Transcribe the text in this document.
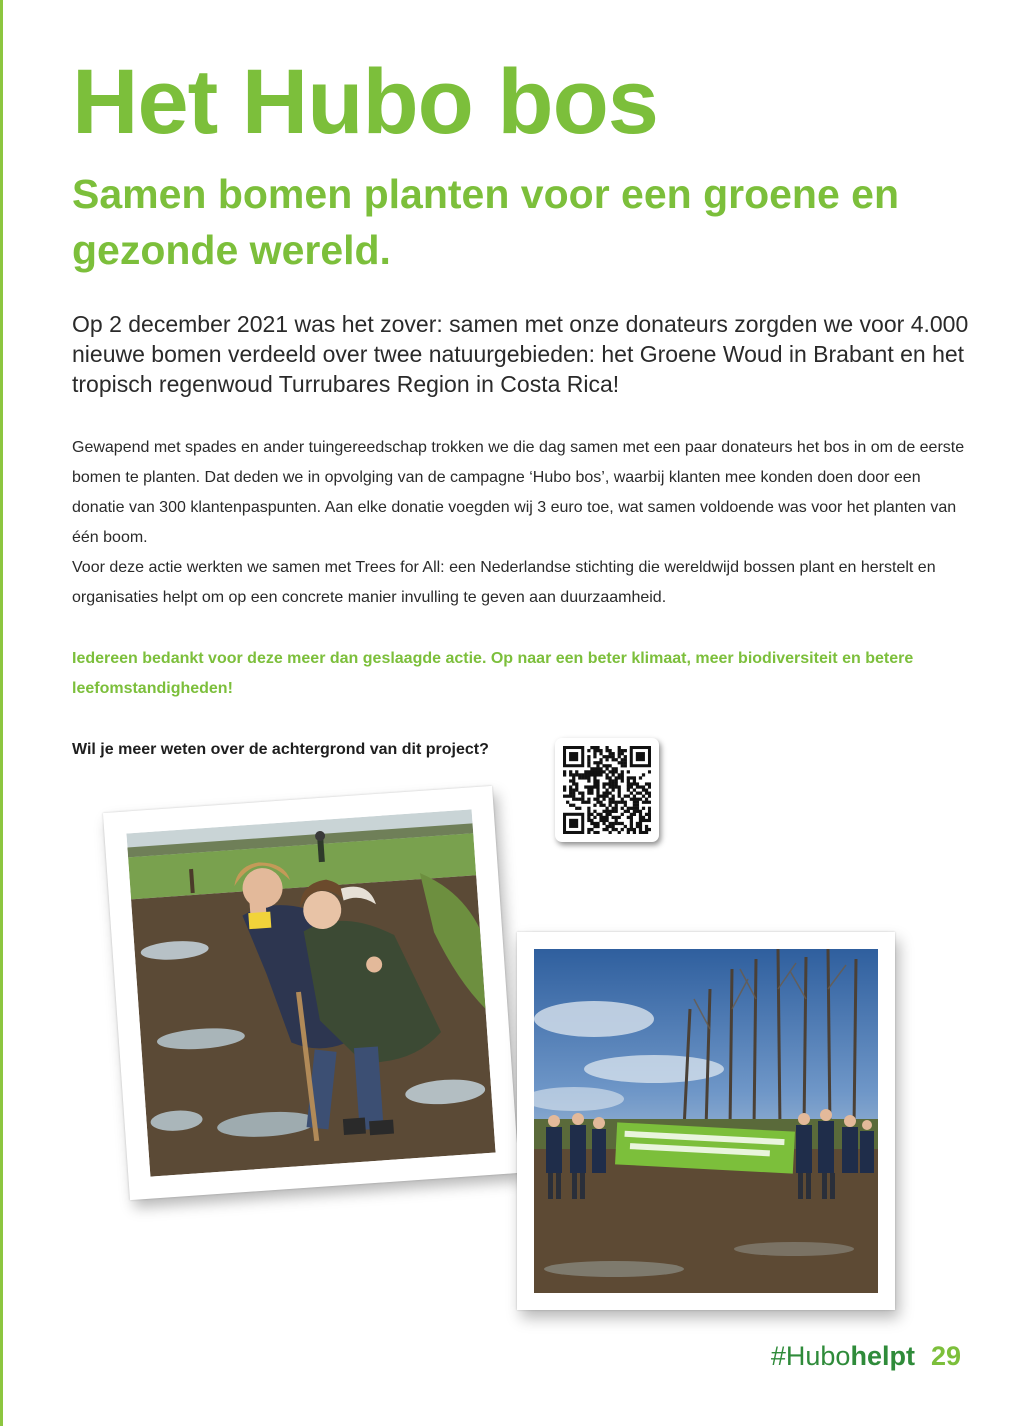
Het Hubo bos
Samen bomen planten voor een groene en gezonde wereld.

Op 2 december 2021 was het zover: samen met onze donateurs zorgden we voor 4.000 nieuwe bomen verdeeld over twee natuurgebieden: het Groene Woud in Brabant en het tropisch regenwoud Turrubares Region in Costa Rica!

Gewapend met spades en ander tuingereedschap trokken we die dag samen met een paar donateurs het bos in om de eerste bomen te planten. Dat deden we in opvolging van de campagne ‘Hubo bos’, waarbij klanten mee konden doen door een donatie van 300 klantenpaspunten. Aan elke donatie voegden wij 3 euro toe, wat samen voldoende was voor het planten van één boom.
Voor deze actie werkten we samen met Trees for All: een Nederlandse stichting die wereldwijd bossen plant en herstelt en organisaties helpt om op een concrete manier invulling te geven aan duurzaamheid.

Iedereen bedankt voor deze meer dan geslaagde actie. Op naar een beter klimaat, meer biodiversiteit en betere leefomstandigheden!

Wil je meer weten over de achtergrond van dit project?

#Hubohelpt 29
